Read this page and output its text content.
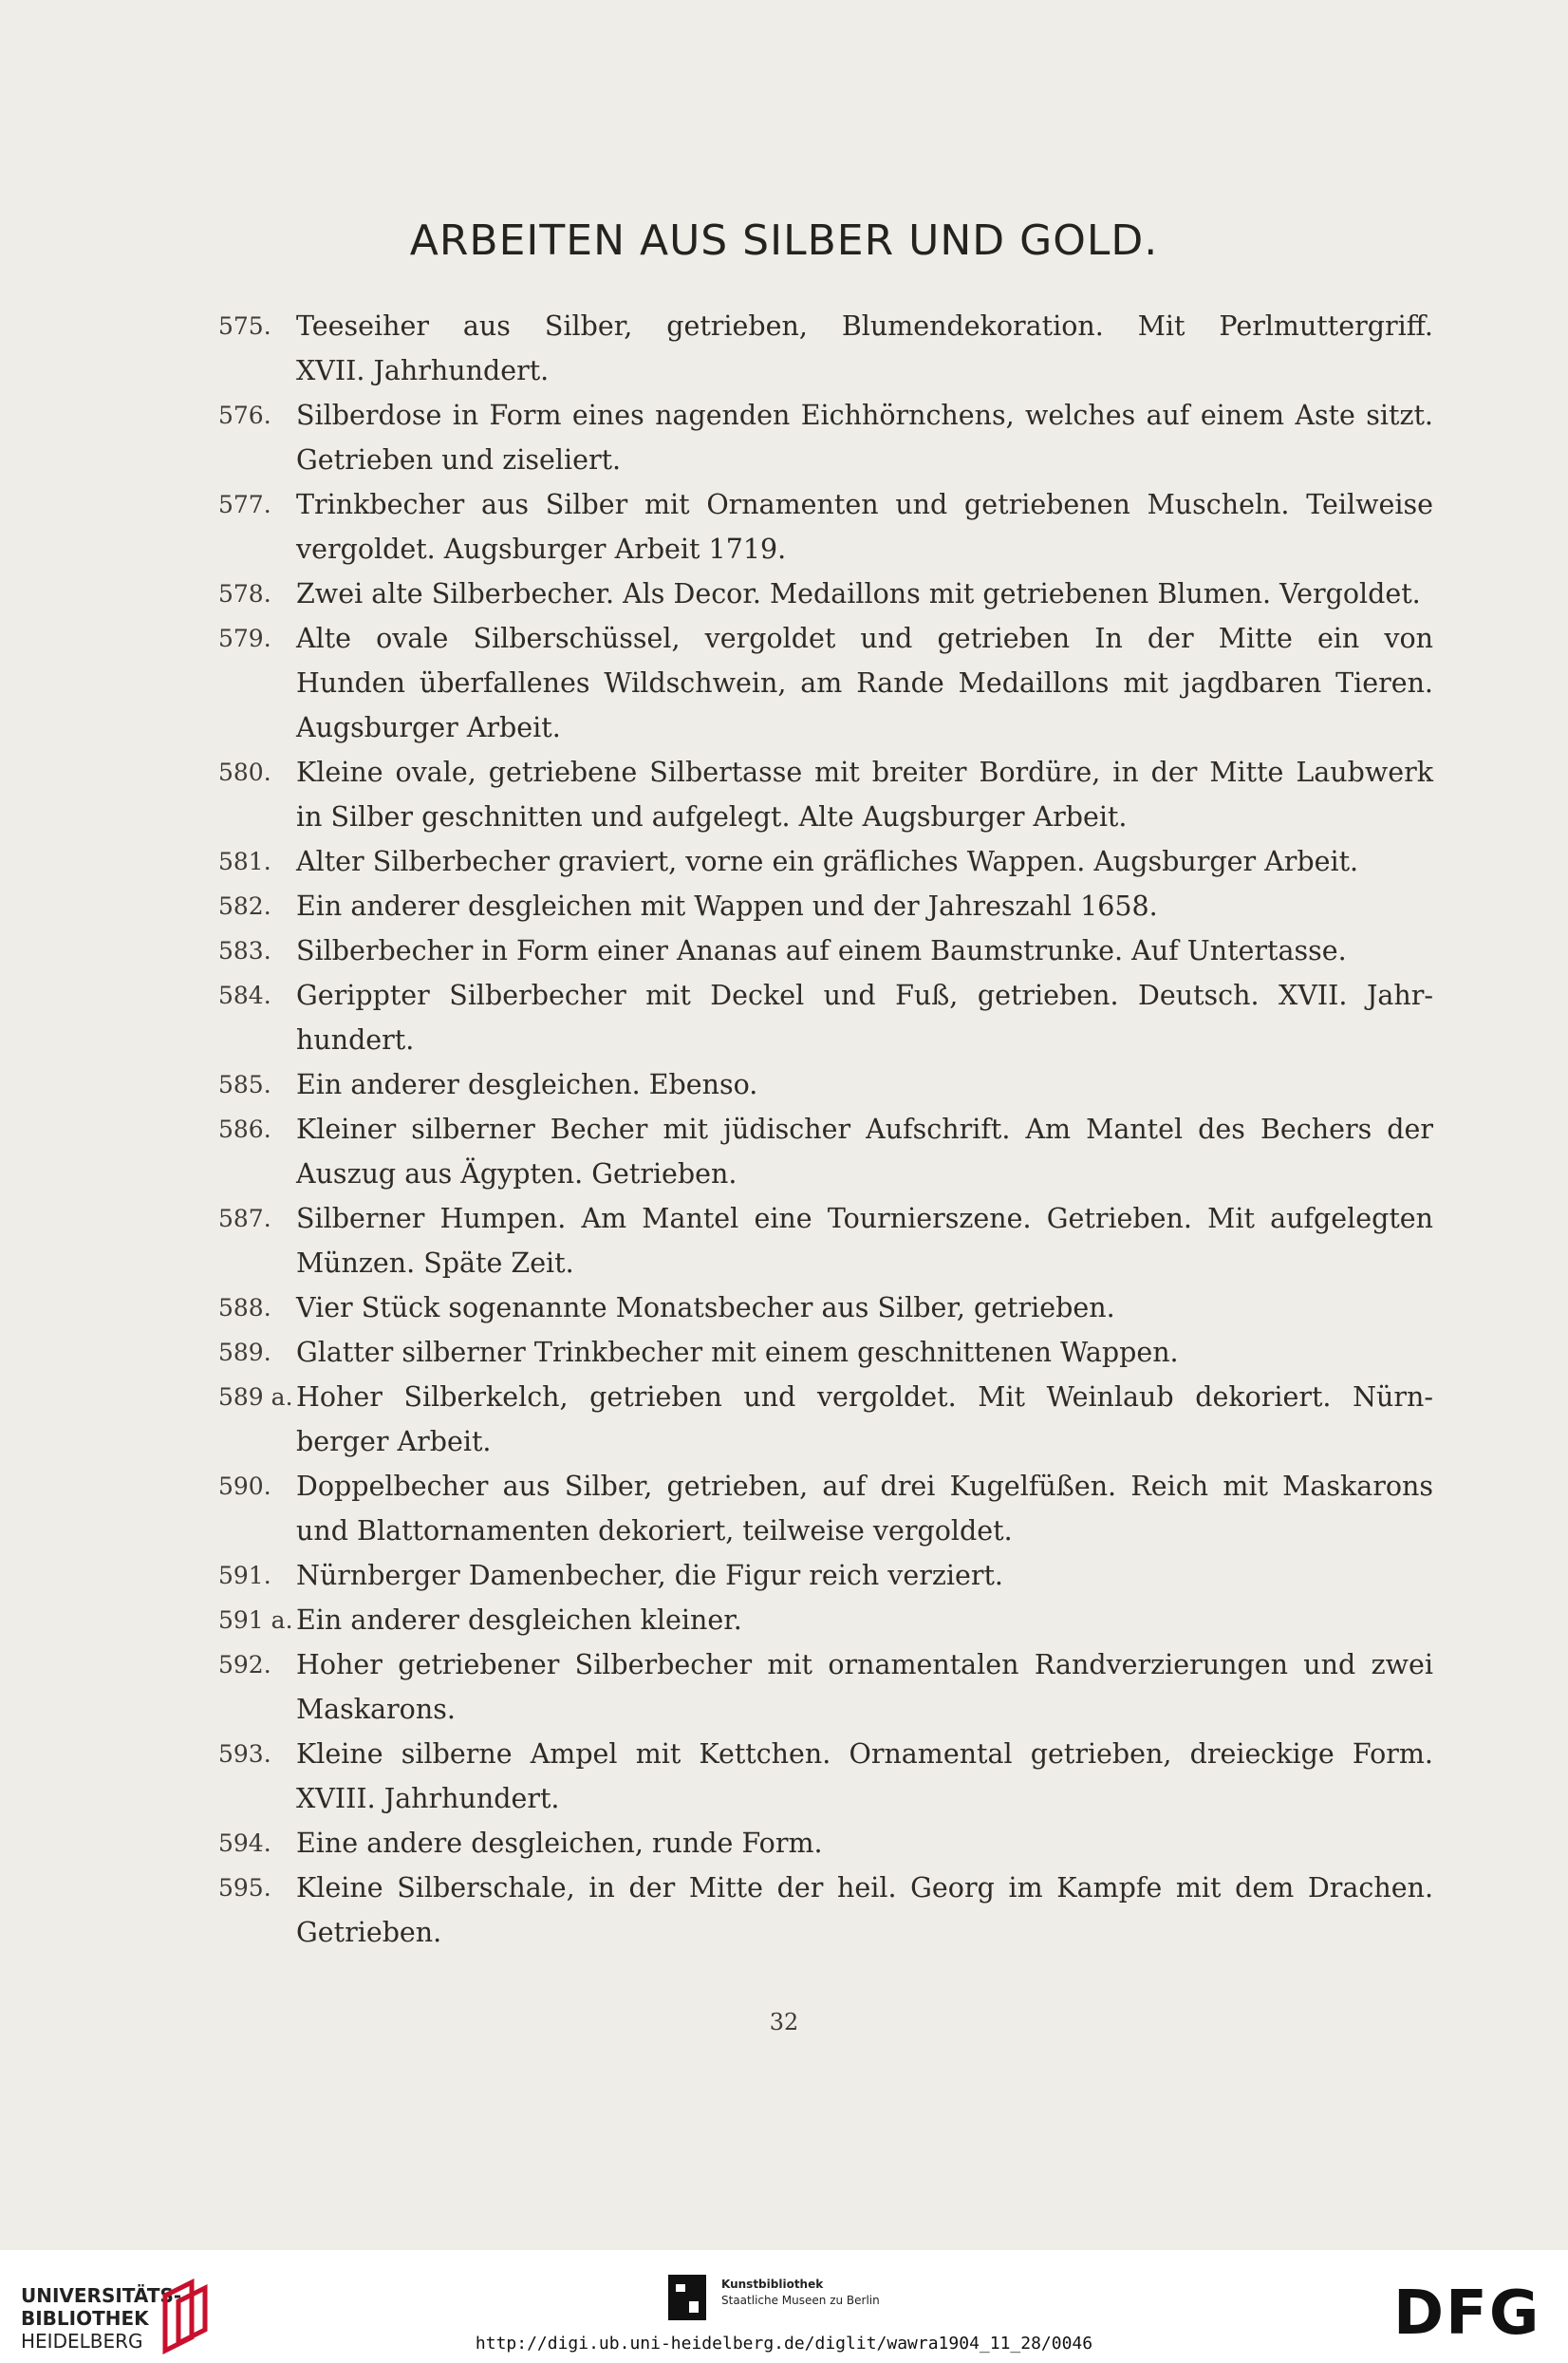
ARBEITEN AUS SILBER UND GOLD.
575. Teeseiher aus Silber, getrieben, Blumendekoration. Mit Perlmuttergriff.
XVII. Jahrhundert.
576. Silberdose in Form eines nagenden Eichhörnchens, welches auf einem Aste sitzt.
Getrieben und ziseliert.
577. Trinkbecher aus Silber mit Ornamenten und getriebenen Muscheln. Teilweise
vergoldet. Augsburger Arbeit 1719.
578. Zwei alte Silberbecher. Als Decor. Medaillons mit getriebenen Blumen. Vergoldet.
579. Alte ovale Silberschüssel, vergoldet und getrieben In der Mitte ein von
Hunden überfallenes Wildschwein, am Rande Medaillons mit jagdbaren Tieren.
Augsburger Arbeit.
580. Kleine ovale, getriebene Silbertasse mit breiter Bordüre, in der Mitte Laubwerk
in Silber geschnitten und aufgelegt. Alte Augsburger Arbeit.
581. Alter Silberbecher graviert, vorne ein gräfliches Wappen. Augsburger Arbeit.
582. Ein anderer desgleichen mit Wappen und der Jahreszahl 1658.
583. Silberbecher in Form einer Ananas auf einem Baumstrunke. Auf Untertasse.
584. Gerippter Silberbecher mit Deckel und Fuß, getrieben. Deutsch. XVII. Jahr-
hundert.
585. Ein anderer desgleichen. Ebenso.
586. Kleiner silberner Becher mit jüdischer Aufschrift. Am Mantel des Bechers der
Auszug aus Ägypten. Getrieben.
587. Silberner Humpen. Am Mantel eine Tournierszene. Getrieben. Mit aufgelegten
Münzen. Späte Zeit.
588. Vier Stück sogenannte Monatsbecher aus Silber, getrieben.
589. Glatter silberner Trinkbecher mit einem geschnittenen Wappen.
589 a. Hoher Silberkelch, getrieben und vergoldet. Mit Weinlaub dekoriert. Nürn-
berger Arbeit.
590. Doppelbecher aus Silber, getrieben, auf drei Kugelfüßen. Reich mit Maskarons
und Blattornamenten dekoriert, teilweise vergoldet.
591. Nürnberger Damenbecher, die Figur reich verziert.
591 a. Ein anderer desgleichen kleiner.
592. Hoher getriebener Silberbecher mit ornamentalen Randverzierungen und zwei
Maskarons.
593. Kleine silberne Ampel mit Kettchen. Ornamental getrieben, dreieckige Form.
XVIII. Jahrhundert.
594. Eine andere desgleichen, runde Form.
595. Kleine Silberschale, in der Mitte der heil. Georg im Kampfe mit dem Drachen.
Getrieben.
32
UNIVERSITÄTS-
BIBLIOTHEK
HEIDELBERG
Kunstbibliothek
Staatliche Museen zu Berlin	DFG
http://digi.ub.uni-heidelberg.de/diglit/wawra1904_11_28/0046
